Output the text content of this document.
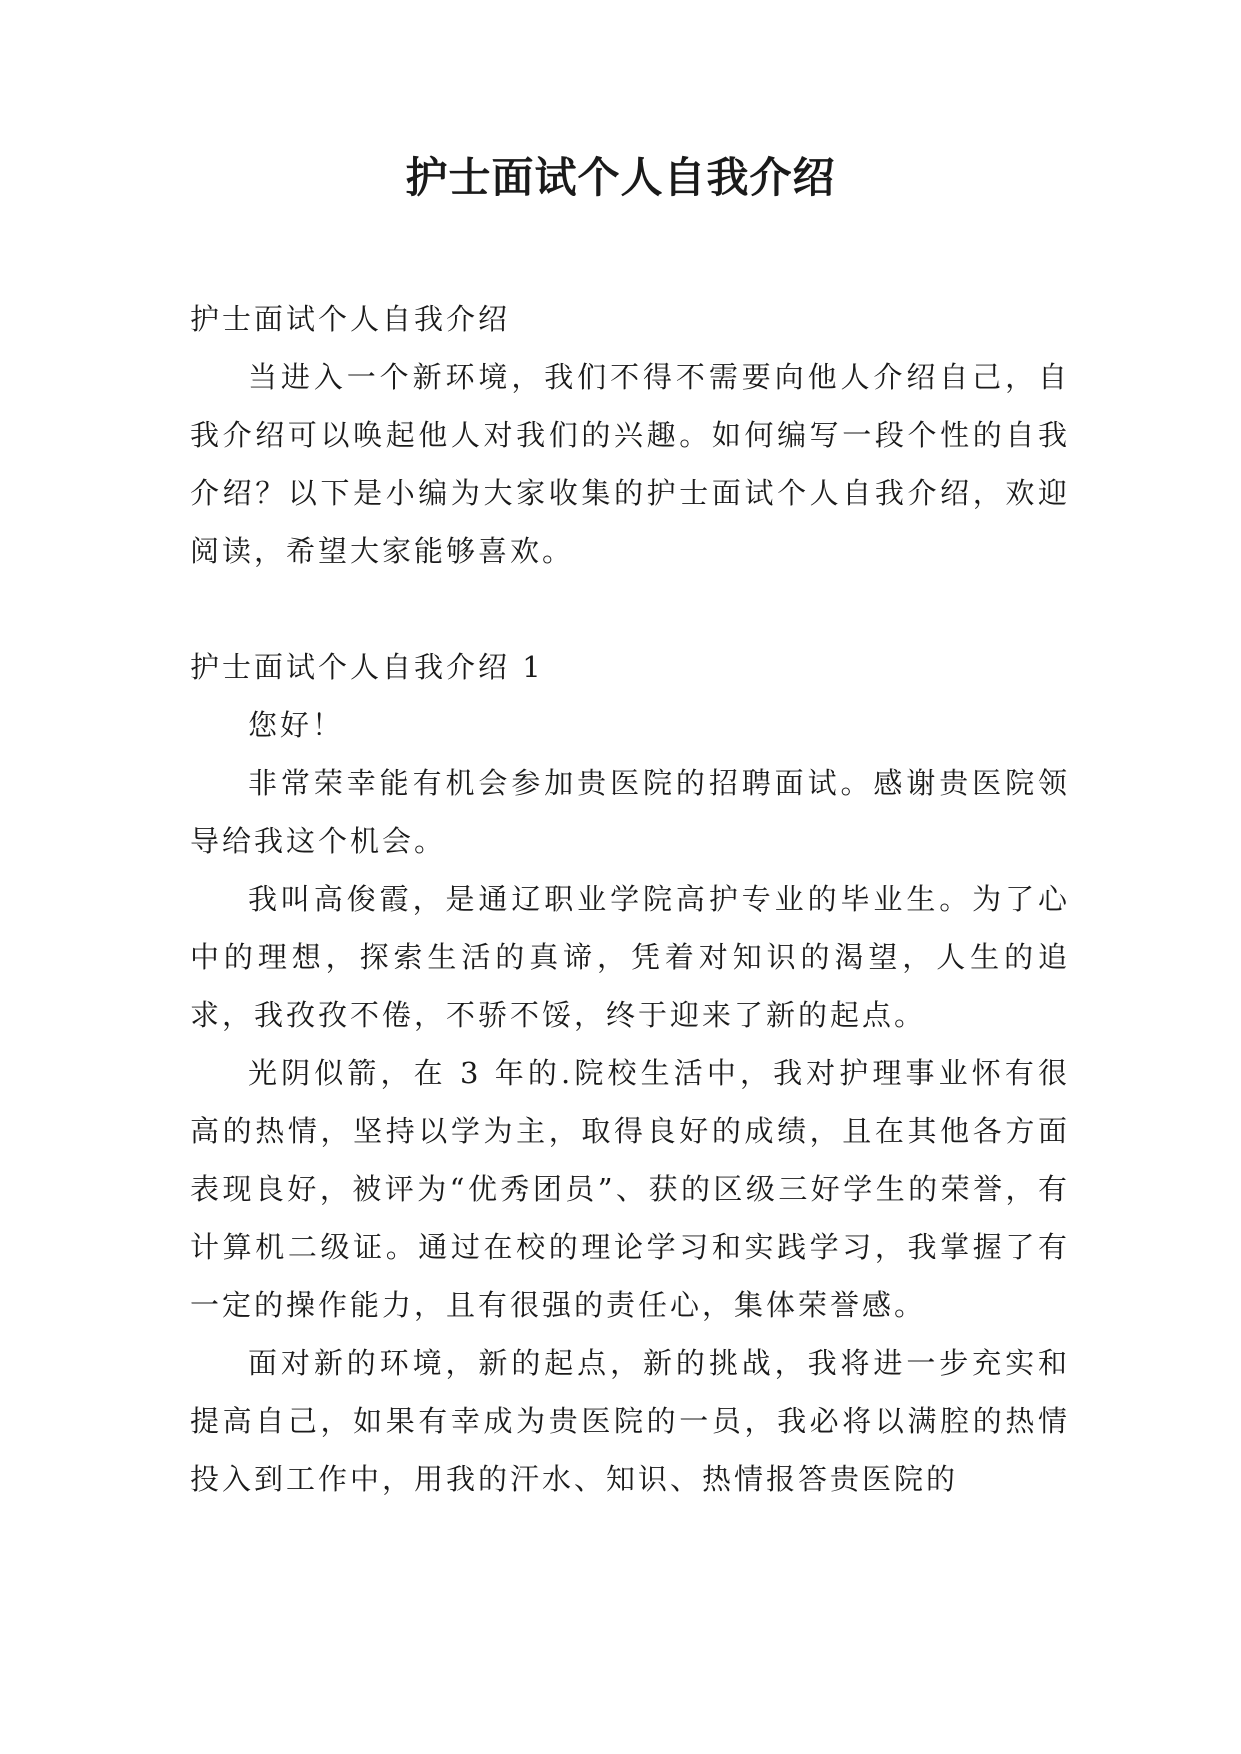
护士面试个人自我介绍

护士面试个人自我介绍

当进入一个新环境，我们不得不需要向他人介绍自己，自我介绍可以唤起他人对我们的兴趣。如何编写一段个性的自我介绍？以下是小编为大家收集的护士面试个人自我介绍，欢迎阅读，希望大家能够喜欢。

护士面试个人自我介绍 1

您好！

非常荣幸能有机会参加贵医院的招聘面试。感谢贵医院领导给我这个机会。

我叫高俊霞，是通辽职业学院高护专业的毕业生。为了心中的理想，探索生活的真谛，凭着对知识的渴望，人生的追求，我孜孜不倦，不骄不馁，终于迎来了新的起点。

光阴似箭，在 3 年的.院校生活中，我对护理事业怀有很高的热情，坚持以学为主，取得良好的成绩，且在其他各方面表现良好，被评为“优秀团员”、获的区级三好学生的荣誉，有计算机二级证。通过在校的理论学习和实践学习，我掌握了有一定的操作能力，且有很强的责任心，集体荣誉感。

面对新的环境，新的起点，新的挑战，我将进一步充实和提高自己，如果有幸成为贵医院的一员，我必将以满腔的热情投入到工作中，用我的汗水、知识、热情报答贵医院的
